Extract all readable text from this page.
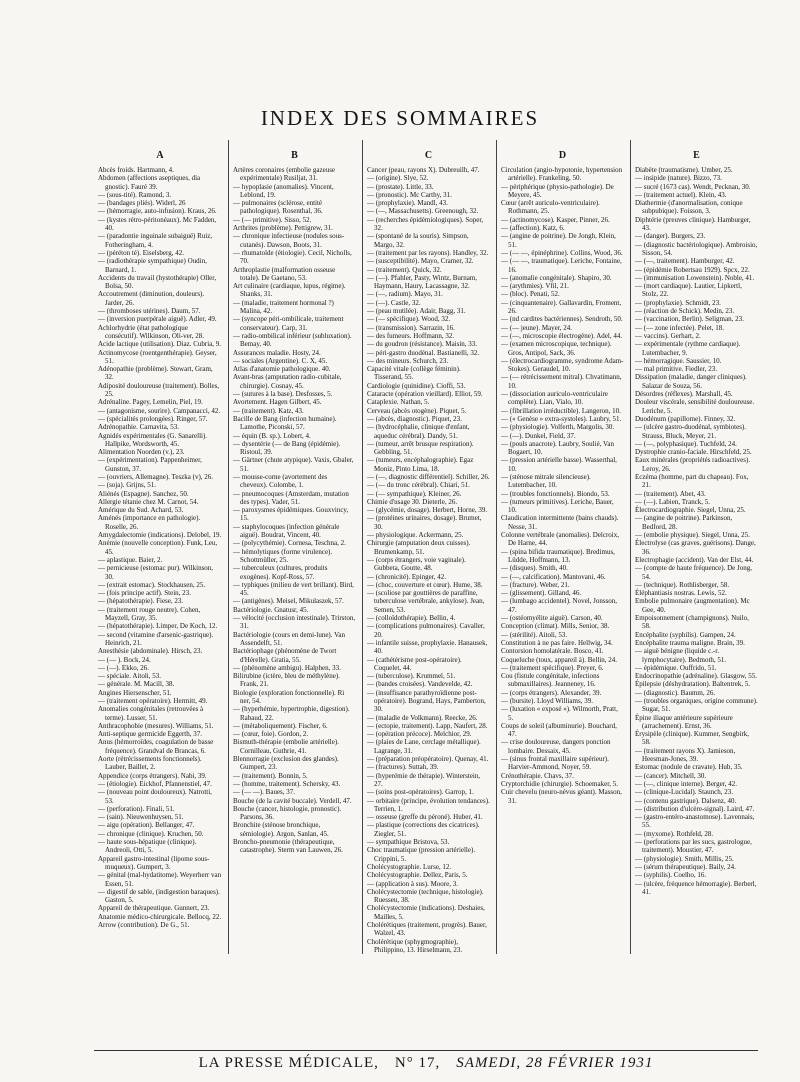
INDEX DES SOMMAIRES
A

Abcès froids. Hartmann, 4.

Abdomen (affections aseptiques, dia gnostic). Fauré 39.

— (sous-tité). Ramond, 3.

— (bandages pliés). Widerl, 26

— (hémorragie, auto-infusion). Kraus, 26.

— (kystes rétro-péritonéaux). Mc Fadden, 40.

— (paradontie inguinale subaiguë) Ruiz, Fotheringham, 4.

— (péréton té). Eiselsberg, 42.

— (radiothérapie sympathique) Oudin, Barnard, 1.

Accidents du travail (hystothérapie) Oller, Bolsa, 50.

Accoutrement (diminution, douleurs). Jarder, 26.

— (thromboses utérines). Daum, 57.

— (inversion puerpérale aiguë). Adler, 49.

Achlorhydrie (état pathologique consécutif). Wilkinson, Oli-ver, 28.

Acide lactique (utilisation). Diaz. Cubria, 9.

Actinomycose (roentgenthérapie). Geyser, 51.

Adénopathie (problème). Stewart, Gram, 32.

Adiposité douloureuse (traitement). Bolles, 25.

Adrénaline. Pagey, Lemelin, Piel, 19.

— (antagonisme, sourire). Campanacci, 42.

— (spécialités prolongées). Ringer, 57.

Adrénopathie. Carnavita, 53.

Agnidés expérimentales (G. Sanarelli). Hallpike, Wordsworth, 45.

Alimentation Noorden (v.), 23.

— (expérimentation). Pappenheimer, Gunston, 37.

— (ouvriers, Allemagne). Teszka (v), 26.

— (soja). Grijns, 51.

Aliénés (Espagne). Sanchez, 50.

Allergie tétanie chez M. Carnot, 54.

Amérique du Sud. Achard, 53.

Aménés (importance en pathologie). Roselle, 26.

Amygdalectomie (indications). Delobel, 19.

Anémie (nouvelle conception). Funk, Leu, 45.

— aplastique. Baier, 2.

— pernicieuse (estomac pur). Wilkinson, 30.

— (extrait estomac). Stockhausen, 25.

— (fois principe actif). Stein, 23.

— (hépatothérapie). Fiese, 23.

— (traitement rouge neutre). Cohen, Mayzell, Gray, 35.

— (hépatothérapie). Limper, De Koch, 12.

— second (vitamine d'arsenic-gastrique). Heinrich, 21.

Anesthésie (abdominale). Hirsch, 23.

— (— ). Bock, 24.

— (—). Ekko, 26.

— spéciale. Aitoli, 53.

— générale. M. Macill, 38.

Angines Hiersenscher, 51.

— (traitement opératoire). Hermitt, 49.

Anomalies congénitales (retrouvées à terme). Lusser, 51.

Anthracophobie (mesures). Williams, 51.

Anti-septique germicide Eggerth, 37.

Anus (hémorroïdes, coagulation de basse fréquence). Grandval de Brancas, 6.

Aorte (rétrécissements fonctionnels). Lauber, Baillet, 2.

Appendice (corps étrangers). Nabi, 39.

— (étiologie). Eickhof, Pfannenstiel, 47.

— (nouveau point douloureux). Natrotti, 53.

— (perforation). Finali, 51.

— (sain). Nieuwenhuysen, 51.

— aigu (opération). Bellanger, 47.

— chronique (clinique). Kruchen, 50.

— haute sous-hépatique (clinique). Andreoli, Otti, 5.

Appareil gastro-intestinal (lipome sous-muqueux). Gumpert, 3.

— génital (mal-hydatitome). Weyerherr van Essen, 51.

— digestif de sable, (indigestion baraques). Gaston, 5.

Appareil de thérapeutique. Gunnert, 23.

Anatomie médico-chirurgicale. Bellocq, 22.

Arrow (contribution). De G., 51.

B

Artères coronaires (embolie gazeuse expérimentale) Rusiljat, 31.

— hypoplasie (anomalies). Vincent, Leblond, 19.

— pulmonaires (sclérose, entité pathologique). Rosenthal, 36.

— (— primitive). Sisso, 52.

Arthrites (problème). Pettigrew, 31.

— chronique infectieuse (nodules sous-cutanés). Dawson, Boots, 31.

— rhumatoïde (étiologie). Cecil, Nicholls, 70.

Arthroplastie (malformation osseuse totale). De Gaetano, 53.

Art culinaire (cardiaque, lupus, régime). Shanks, 31.

— (maladie, traitement hormonal ?) Malina, 42.

— (syncope péri-ombilicale, traitement conservateur). Carp, 31.

— radio-ombilical inférieur (subluxation). Bemay, 40.

Assurances maladie. Hosty, 24.

— sociales (Argentine). C. X, 45.

Atlas d'anatomie pathologique. 40.

Avant-bras (amputation radio-cubitale, chirurgie). Cosnay, 45.

— (sutures à la base). Desfosses, 5.

Avortement. Hagen Gilbert, 45.

— (traitement). Katz, 43.

Bacille de Bang (infection humaine). Lamothe, Piconski, 57.

— équin (B. sp.). Lobert, 4.

— dysentérie (— de Bang (épidémie). Ristoul, 39.

— Gärtner (chute atypique). Vaxis, Gbaler, 51.

— mousse-corne (avortement des cheveux). Colombe, 1.

— pneumocoques (Amsterdam, mutation des types). Vader, 51.

— paroxysmes épidémiques. Gouxvincy, 15.

— staphylocoques (infection générale aiguë). Boudrat, Vincent, 40.

— (polycythémie). Cornesa, Teschna, 2.

— hémolytiques (forme virulence). Schottmüller, 25.

— tuberculeux (cultures, produits exogènes). Kopf-Ross, 57.

— typhiques (milieu de vert brillant). Bird, 45.

— (antigènes). Meisel, Mikulaszek, 57.

Bactériologie. Gnatusr, 45.

— vélocité (occlusion intestinale). Trirston, 31.

Bactériologie (cours en demi-lune). Van Assendelft, 51.

Bactériophage (phénomène de Twort d'Hérelle). Gratia, 55.

— (phénomène ambigu). Halphen, 33.

Bilirubine (ictère, bleu de méthylène). Frank, 21.

Biologie (exploration fonctionnelle). Ri ner, 54.

— (hyperhémie, hypertrophie, digestion). Rabaud, 22.

— (métaboliquement). Fischer, 6.

— (cœur, foie). Gordon, 2.

Bismuth-thérapie (embolie artérielle). Cornilleau, Guthrie, 41.

Blennorragie (exclusion des glandes). Gumpert, 23.

— (traitement). Bonnin, 5.

— (homme, traitement). Schersky, 43.

— (— —). Baues, 37.

Bouche (de la cavité buccale). Verdell, 47.

Bouche (cancer, histologie, pronostic). Parsons, 36.

Bronchite (sténose bronchique, sémiologie). Argon, Sanlan, 45.

Broncho-pneumonie (thérapeutique, catastrophe). Sterm van Lauwen, 26.

C

Cancer (peau, rayons X). Dubreuilh, 47.

— (origine). Slye, 52.

— (prostate). Little, 33.

— (pronostic). Mc Carthy, 31.

— (prophylaxie). Mandl, 43.

— (—, Massachusetts). Greenough, 32.

— (recherches épidémiologiques). Soper, 32.

— (spontané de la souris). Simpson, Margo, 32.

— (traitement par les rayons). Handley, 32.

— (susceptibilité). Mayo, Cramer, 32.

— (traitement). Quick, 32.

— (—). Pfahler, Pasty, Wintz, Burnam, Haymann, Haury, Lacassagne, 32.

— (—, radium). Mayo, 31.

— (—). Castle, 32.

— (peau mutilée). Adair, Bagg, 31.

— (— spécifique). Wood, 32.

— (transmission). Sarrazin, 16.

— des fumeurs. Hoffmann, 32.

— du goudron (résistance). Maisin, 33.

— péri-gastro duodénal. Bastianelli, 32.

— des mineurs. Schurch, 23.

Capacité vitale (collège féminin). Tisserand, 55.

Cardiologie (quinidine). Cioffi, 53.

Cataracte (opération vieillard). Elliot, 59.

Cataplexie. Nathan, 5.

Cerveau (abcès otogène). Piquet, 5.

— (abcès, diagnostic). Piquet, 23.

— (hydrocéphalie, clinique d'enfant, aqueduc cérébral). Dandy, 51.

— (tumeur, arrêt brusque respiration). Gebbling, 51.

— (tumeurs, encéphalographie). Egaz Moniz, Pinto Lima, 18.

— (—, diagnostic différentiel). Schiller, 26.

— (— du tronc cérébral). Chiari, 51.

— (— sympathique). Kleiner, 26.

Chimie d'usage 30. Dieterle, 26.

— (glycémie, dosage). Herbert, Horne, 39.

— (protéines urinaires, dosage). Brumet, 30.

— physiologique. Ackermann, 25.

Chirurgie (amputation deux cuisses). Brumenkamp, 51.

— (corps étrangers, voie vaginale). Gubbeta, Goutte, 48.

— (chronicité). Epinger, 42.

— (choc, couverture et cœur). Hume, 38.

— (scoliose par gouttières de paraffine, tuberculose vertébrale, ankylose). Jean, Semen, 53.

— (colloïdothérapie). Bellin, 4.

— (complications pulmonaires). Cavaller, 20.

— infantile suisse, prophylaxie. Hanausek, 40.

— (cathétérisme post-opératoire). Coquelet, 44.

— (tuberculose). Krummel, 51.

— (bandes croisées). Vandevelde, 42.

— (insuffisance parathyroïdienne post-opératoire). Bogrand, Hays, Pamberton, 30.

— (maladie de Volkmann). Reecke, 26.

— (ectopie, traitement). Lapp, Naufert, 28.

— (opération précoce). Melchior, 29.

— (plaies de Lane, cerclage métallique). Lagrange, 31.

— (préparation préopératoire). Quenay, 41.

— (fractures). Suttah, 39.

— (hyperémie de thérapie). Winterstein, 27.

— (soins post-opératoires). Garrop, 1.

— orbitaire (principe, évolution tendances). Terrien, 1.

— osseuse (greffe du péroné). Huber, 41.

— plastique (corrections des cicatrices). Ziegler, 51.

— sympathique Bristova, 53.

Choc traumatique (pression artérielle). Crippini, 5.

Cholécystographie. Lurse, 12.

Cholécystographie. Dellez, Paris, 5.

— (application à sus). Moore, 3.

Cholécystectomie (technique, histologie). Ruesseu, 38.

Cholécystectomie (indications). Deshaies, Mailles, 5.

Cholérétiques (traitement, progrès). Bauer, Walzel, 43.

Cholérétique (sphygmographie), Philippino, 13. Hirselmann, 23.

D

Circulation (angio-hypotonie, hypertension artérielle). Frankeling, 50.

— périphérique (physio-pathologie). De Meyere, 45.

Cœur (arrêt auriculo-ventriculaire). Rothmann, 25.

— (actinomycose). Kasper, Pinner, 26.

— (affection). Katz, 6.

— (angine de poitrine). De Jongh, Klein, 51.

— (— —, épinéphrine). Collins, Wood, 36.

— (— —, traumatique). Leriche, Fontaine, 16.

— (anomalie congénitale). Shapiro, 30.

— (arythmies). Vfil, 21.

— (bloc). Penati, 52.

— (cinquantenaire). Gallavardin, Froment, 26.

— (nd cardites bactériennes). Sendroth, 50.

— (— jeune). Mayer, 24.

— (—, microscopie électrogène). Adel, 44.

— (examen microscopique, technique). Gros, Antipol, Sack, 36.

— (électrocardiogramme, syndrome Adam-Stokes). Geraudel, 10.

— (— rétrécissement mitral). Chvatimann, 10.

— (dissociation auriculo-ventriculaire complète). Lian, Vialo, 10.

— (fibrillation irréductible). Langeron, 10.

— (« Genèse » extra-systoles). Laubry, 51.

— (physiologie). Volferth, Margolis, 30.

— (—). Dunkel, Field, 37.

— (pouls anacrote). Laubry, Soulié, Van Bogaert, 10.

— (pression artérielle basse). Wasserthal, 10.

— (sténose mitrale silencieuse). Lutembacher, 10.

— (troubles fonctionnels). Biondo, 53.

— (tumeurs primitives). Leriche, Bauer, 10.

Claudication intermittente (bains chauds). Nesse, 31.

Colonne vertébrale (anomalies). Delcroix, De Harne, 44.

— (spina bifida traumatique). Bredimus, Lüdde, Hoffmann, 13.

— (disques). Smith, 40.

— (—, calcification). Mantovani, 46.

— (fracture). Weber, 21.

— (glissement). Gilland, 46.

— (lumbago accidentel). Novel, Jonsson, 47.

— (ostéomyélite aiguë). Carson, 40.

Conception (climat). Mills, Senior, 38.

— (stérilité). Aitoli, 53.

Constitution à ne pas faire. Hellwig, 34.

Contorsion homolatérale. Bosco, 41.

Coqueluche (toux, appareil à). Bellin, 24.

— (traitement spécifique). Preyer, 6.

Cou (fistule congénitale, infections submaxillaires). Jeanneney, 16.

— (corps étrangers). Alexander, 39.

— (bursite). Lloyd Williams, 39.

— (luxation « exposé »). Wilmorth, Pratt, 5.

Coups de soleil (albuminurie). Bouchard, 47.

— crise douloureuse, dangers ponction lombaire. Dessaix, 45.

— (sinus frontal maxillaire supérieur). Harvier-Ammond, Noyer, 59.

Crénothérapie. Chavs, 37.

Cryptorchidie (chirurgie). Schoemaker, 5.

Cuir chevelu (neuro-névus géant). Masson, 31.

E

Diabète (traumatisme). Umber, 25.

— insipide (nature). Bizzo, 73.

— sucré (1673 cas). Wendt, Pecknan, 30.

— (traitement actuel). Klein, 43.

Diathermie (d'anormalisation, conique subpubique). Foisson, 3.

Diphtérie (preuves clinique). Hamburger, 43.

— (danger). Burgers, 23.

— (diagnostic bactériologique). Ambroisio, Sisson, 54.

— (—, traitement). Hamburger, 42.

— (épidémie Robertsau 1929). Spcx, 22.

— (immunisation Lowenstein). Noble, 41.

— (mort cardiaque). Lautier, Lipkertl, Stolz, 22.

— (prophylaxie). Schmidt, 23.

— (réaction de Schick). Medin, 23.

— (vaccination, Berlin). Seligman, 23.

— (— zone infectée). Pelet, 18.

— vaccins). Gerhart, 2.

— expérimentale (rythme cardiaque). Lutembacher, 9.

— hémorragique. Saussier, 10.

— mal primitive. Fiedler, 23.

Dissipation (maladie, danger cliniques). Salazar de Souza, 56.

Désordres (réflexes). Marshall, 45.

Douleur viscérale, sensibilité douloureuse. Leriche, 5.

Duodénum (papillome). Finney, 32.

— (ulcère gastro-duodénal, symbiotes). Strauss, Bluck, Meyer, 21.

— (—, polyphasique). Tuchfeld, 24.

Dystrophie cranio-faciale. Hirschfeld, 25.

Eaux minérales (propriétés radioactives). Leroy, 26.

Eczéma (homme, part du chapeau). Fox, 21.

— (traitement). Abet, 43.

— (—). Labien, Tranck, 5.

Électrocardiographie. Siegel, Unna, 25.

— (angine de poitrine). Parkinson, Bedford, 28.

— (embolie physique). Siegel, Unna, 25.

Électrolyse (cas graves, guérisons). Dange, 36.

Electrophagie (accident). Van der Elst, 44.

— (compte de haute fréquence). De Jong, 54.

— (technique). Rothlisberger, 58.

Éléphantiasis nostras. Lewis, 52.

Embolie pulmonaire (augmentation). Mc Gee, 40.

Empoisonnement (champignons). Nuilo, 58.

Encéphalite (syphilis). Gampen, 24.

Encéphalite trauma maligne. Brain, 39.

— aiguë bénigne (liquide c.-r. lymphocytaire). Bedmoth, 51.

— épidémique. Ouffrido, 51.

Endocrinopathie (adrénaline). Glasgow, 55.

Épilepsie (déshydratation). Baltentrek, 5.

— (diagnostic). Baumm, 26.

— (troubles organiques, origine commune). Sugar, 51.

Épine iliaque antérieure supérieure (arrachement). Ernst, 36.

Érysipèle (clinique). Kummer, Sengbirk, 58.

— (traitement rayons X). Jamieson, Heesman-Jones, 39.

Estomac (nodule de cravate). Hub, 35.

— (cancer). Mitchell, 30.

— (—, clinique interne). Berger, 42.

— (clinique-Lucidal). Staunch, 23.

— (contenu gastrique). Dalsenz, 40.

— (distribution d'ulcère-signal). Laird, 47.

— (gastro-entéro-anastomose). Lavennais, 55.

— (myxome). Rothfeld, 28.

— (perforations par les sucs, gastrologue, traitement). Moustier, 47.

— (physiologie). Smith, Millis, 25.

— (sérum thérapeutique). Baily, 24.

— (syphilis). Coelho, 16.

— (ulcère, fréquence hémorragie). Berberl, 41.

LA PRESSE MÉDICALE, N° 17, SAMEDI, 28 FÉVRIER 1931
